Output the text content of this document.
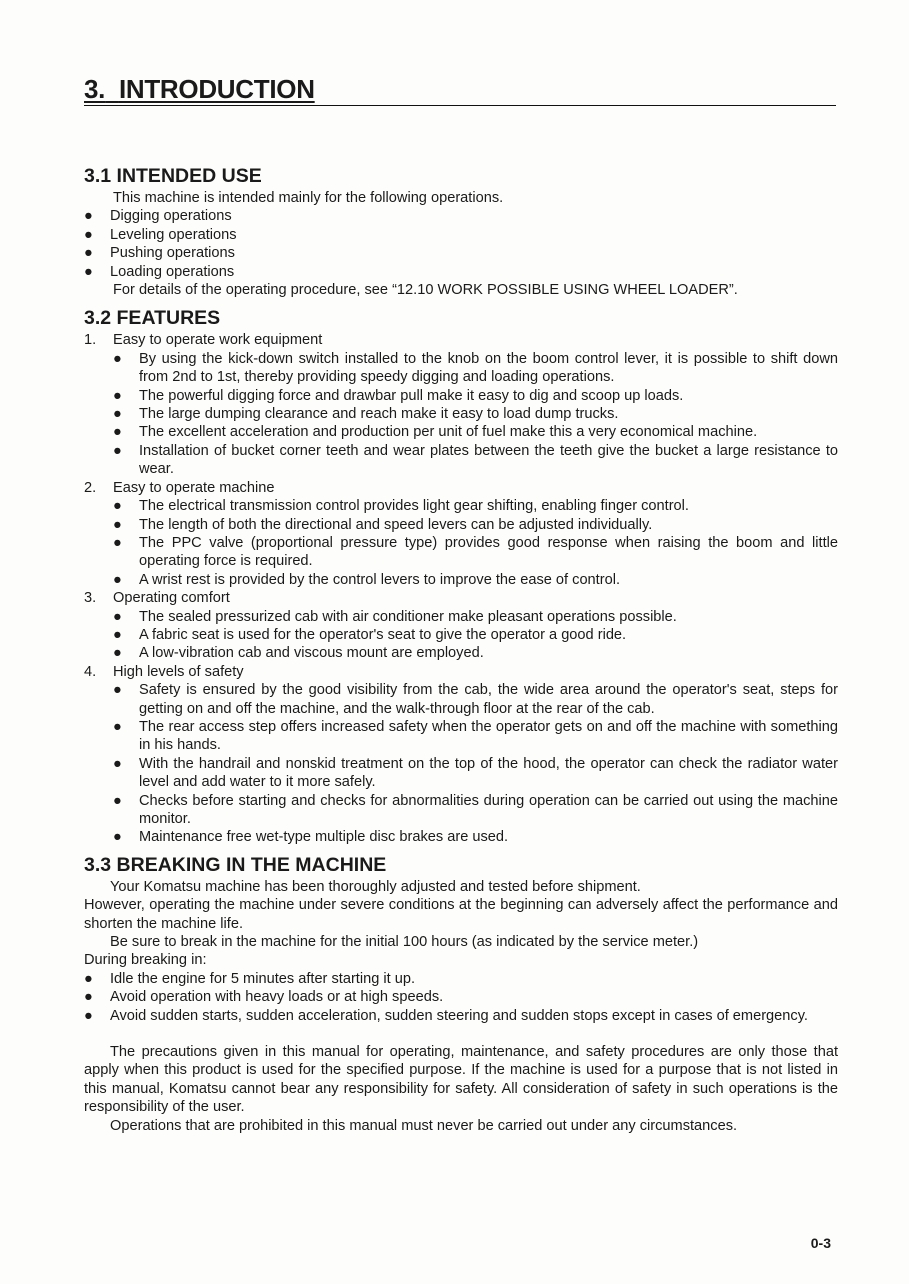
3. INTRODUCTION
3.1 INTENDED USE

This machine is intended mainly for the following operations.

●	Digging operations
●	Leveling operations
●	Pushing operations
●	Loading operations

For details of the operating procedure, see “12.10 WORK POSSIBLE USING WHEEL LOADER”.

3.2 FEATURES
1. Easy to operate work equipment
● By using the kick-down switch installed to the knob on the boom control lever, it is possible to shift down from 2nd to 1st, thereby providing speedy digging and loading operations.
● The powerful digging force and drawbar pull make it easy to dig and scoop up loads.
● The large dumping clearance and reach make it easy to load dump trucks.
● The excellent acceleration and production per unit of fuel make this a very economical machine.
● Installation of bucket corner teeth and wear plates between the teeth give the bucket a large resistance to wear.
2. Easy to operate machine
● The electrical transmission control provides light gear shifting, enabling finger control.
● The length of both the directional and speed levers can be adjusted individually.
● The PPC valve (proportional pressure type) provides good response when raising the boom and little operating force is required.
● A wrist rest is provided by the control levers to improve the ease of control.
3. Operating comfort
● The sealed pressurized cab with air conditioner make pleasant operations possible.
● A fabric seat is used for the operator's seat to give the operator a good ride.
● A low-vibration cab and viscous mount are employed.
4. High levels of safety
● Safety is ensured by the good visibility from the cab, the wide area around the operator's seat, steps for getting on and off the machine, and the walk-through floor at the rear of the cab.
● The rear access step offers increased safety when the operator gets on and off the machine with something in his hands.
● With the handrail and nonskid treatment on the top of the hood, the operator can check the radiator water level and add water to it more safely.
● Checks before starting and checks for abnormalities during operation can be carried out using the machine monitor.
● Maintenance free wet-type multiple disc brakes are used.
3.3 BREAKING IN THE MACHINE

Your Komatsu machine has been thoroughly adjusted and tested before shipment.

However, operating the machine under severe conditions at the beginning can adversely affect the performance and shorten the machine life.

Be sure to break in the machine for the initial 100 hours (as indicated by the service meter.)

During breaking in:

●	Idle the engine for 5 minutes after starting it up.
●	Avoid operation with heavy loads or at high speeds.
●	Avoid sudden starts, sudden acceleration, sudden steering and sudden stops except in cases of emergency.

The precautions given in this manual for operating, maintenance, and safety procedures are only those that apply when this product is used for the specified purpose. If the machine is used for a purpose that is not listed in this manual, Komatsu cannot bear any responsibility for safety. All consideration of safety in such operations is the responsibility of the user.

Operations that are prohibited in this manual must never be carried out under any circumstances.

0-3
